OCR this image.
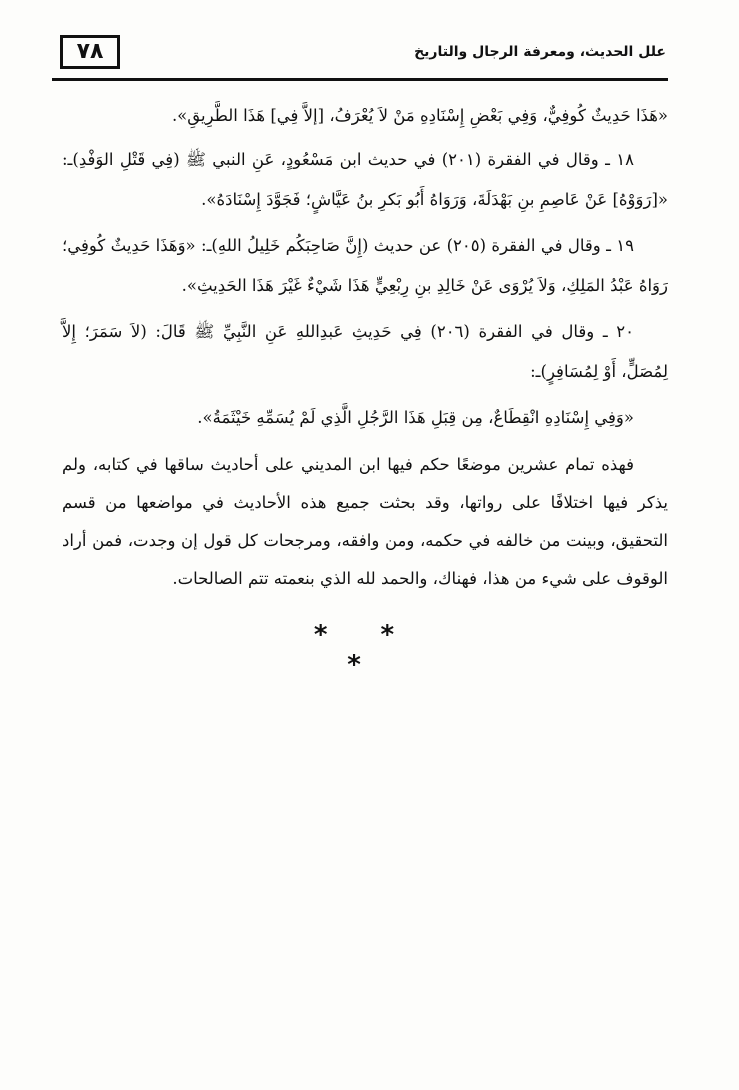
٧٨	علل الحديث، ومعرفة الرجال والتاريخ

«هَذَا حَدِيثٌ كُوفِيٌّ، وَفِي بَعْضِ إِسْنَادِهِ مَنْ لاَ يُعْرَفُ، [إلاَّ فِي] هَذَا الطَّرِيقِ».

١٨ ـ وقال في الفقرة (٢٠١) في حديث ابن مَسْعُودٍ، عَنِ النبي ﷺ (فِي قَتْلِ الوَفْدِ)ـ: «[رَوَوْهُ] عَنْ عَاصِمِ بنِ بَهْدَلَةَ، وَرَوَاهُ أَبُو بَكرِ بنُ عَيَّاشٍ؛ فَجَوَّدَ إِسْنَادَهُ».

١٩ ـ وقال في الفقرة (٢٠٥) عن حديث (إِنَّ صَاحِبَكُم خَلِيلُ اللهِ)ـ: «وَهَذَا حَدِيثٌ كُوفِي؛ رَوَاهُ عَبْدُ المَلِكِ، وَلاَ يُرْوَى عَنْ خَالِدِ بنِ رِبْعِيٍّ هَذَا شَيْءٌ غَيْرَ هَذَا الحَدِيثِ».

٢٠ ـ وقال في الفقرة (٢٠٦) فِي حَدِيثِ عَبدِاللهِ عَنِ النَّبِيِّ ﷺ قَالَ: (لاَ سَمَرَ؛ إِلاَّ لِمُصَلٍّ، أَوْ لِمُسَافِرٍ)ـ:

«وَفِي إِسْنَادِهِ انْقِطَاعٌ، مِن قِبَلِ هَذَا الرَّجُلِ الَّذِي لَمْ يُسَمِّهِ خَيْثَمَةُ».

فهذه تمام عشرين موضعًا حكم فيها ابن المديني على أحاديث ساقها في كتابه، ولم يذكر فيها اختلافًا على رواتها، وقد بحثت جميع هذه الأحاديث في مواضعها من قسم التحقيق، وبينت من خالفه في حكمه، ومن وافقه، ومرجحات كل قول إن وجدت، فمن أراد الوقوف على شيء من هذا، فهناك، والحمد لله الذي بنعمته تتم الصالحات.

* * *
